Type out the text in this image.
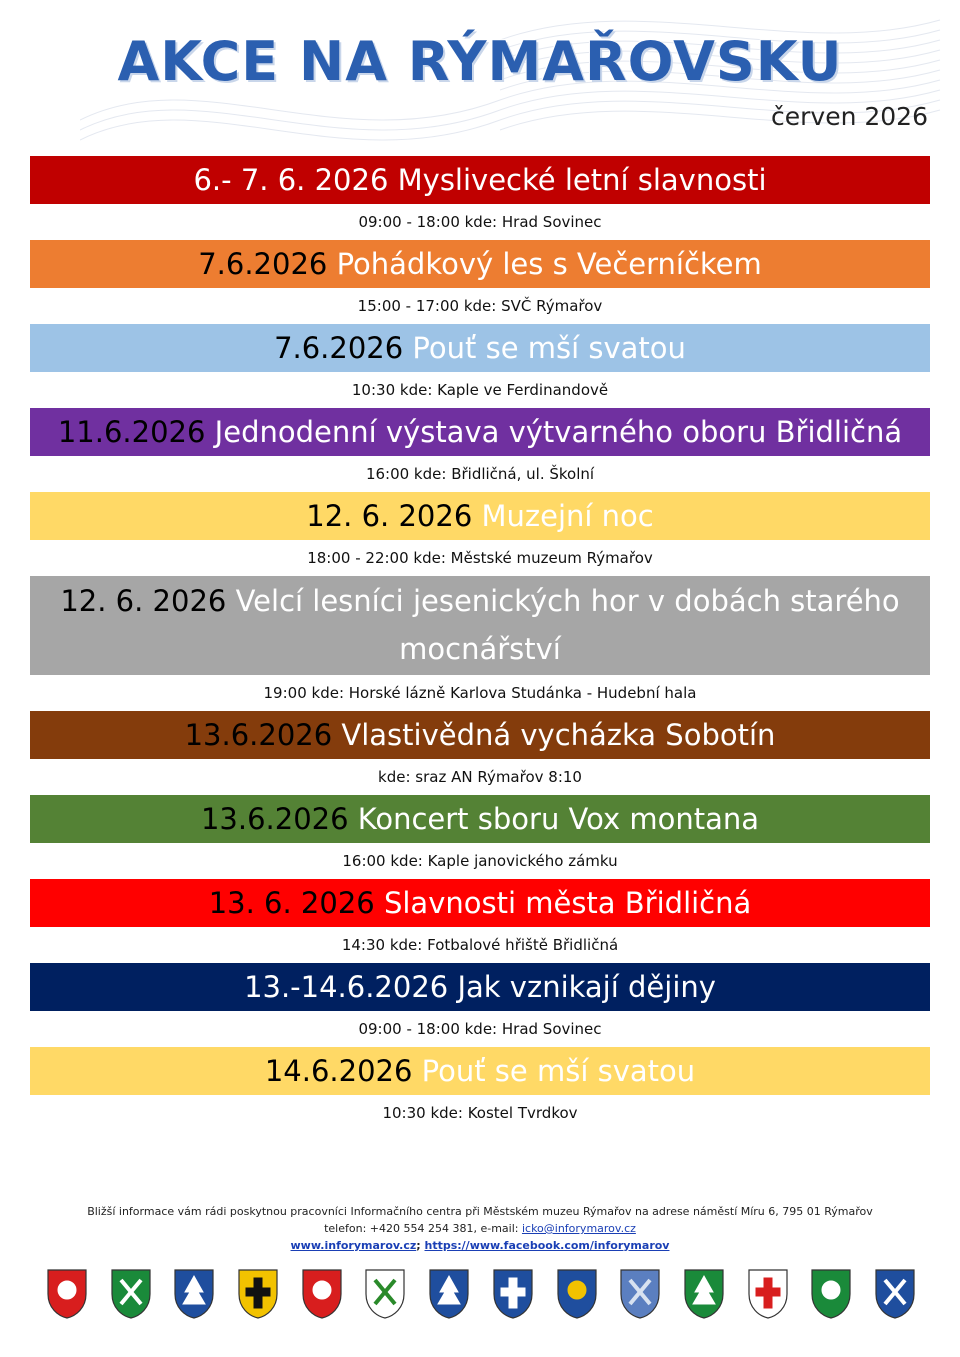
AKCE NA RÝMAŘOVSKU
červen 2026
6.- 7. 6. 2026 Myslivecké letní slavnosti
09:00 - 18:00 kde: Hrad Sovinec
7.6.2026 Pohádkový les s Večerníčkem
15:00 - 17:00 kde: SVČ Rýmařov
7.6.2026 Pouť se mší svatou
10:30 kde: Kaple ve Ferdinandově
11.6.2026 Jednodenní výstava výtvarného oboru Břidličná
16:00 kde: Břidličná, ul. Školní
12. 6. 2026 Muzejní noc
18:00 - 22:00 kde: Městské muzeum Rýmařov
12. 6. 2026 Velcí lesníci jesenických hor v dobách starého mocnářství
19:00 kde: Horské lázně Karlova Studánka - Hudební hala
13.6.2026 Vlastivědná vycházka Sobotín
kde: sraz AN Rýmařov 8:10
13.6.2026 Koncert sboru Vox montana
16:00 kde: Kaple janovického zámku
13. 6. 2026 Slavnosti města Břidličná
14:30 kde: Fotbalové hřiště Břidličná
13.-14.6.2026 Jak vznikají dějiny
09:00 - 18:00 kde: Hrad Sovinec
14.6.2026 Pouť se mší svatou
10:30 kde: Kostel Tvrdkov
Bližší informace vám rádi poskytnou pracovníci Informačního centra při Městském muzeu Rýmařov na adrese náměstí Míru 6, 795 01 Rýmařov
telefon: +420 554 254 381, e-mail: icko@inforymarov.cz
www.inforymarov.cz; https://www.facebook.com/inforymarov
